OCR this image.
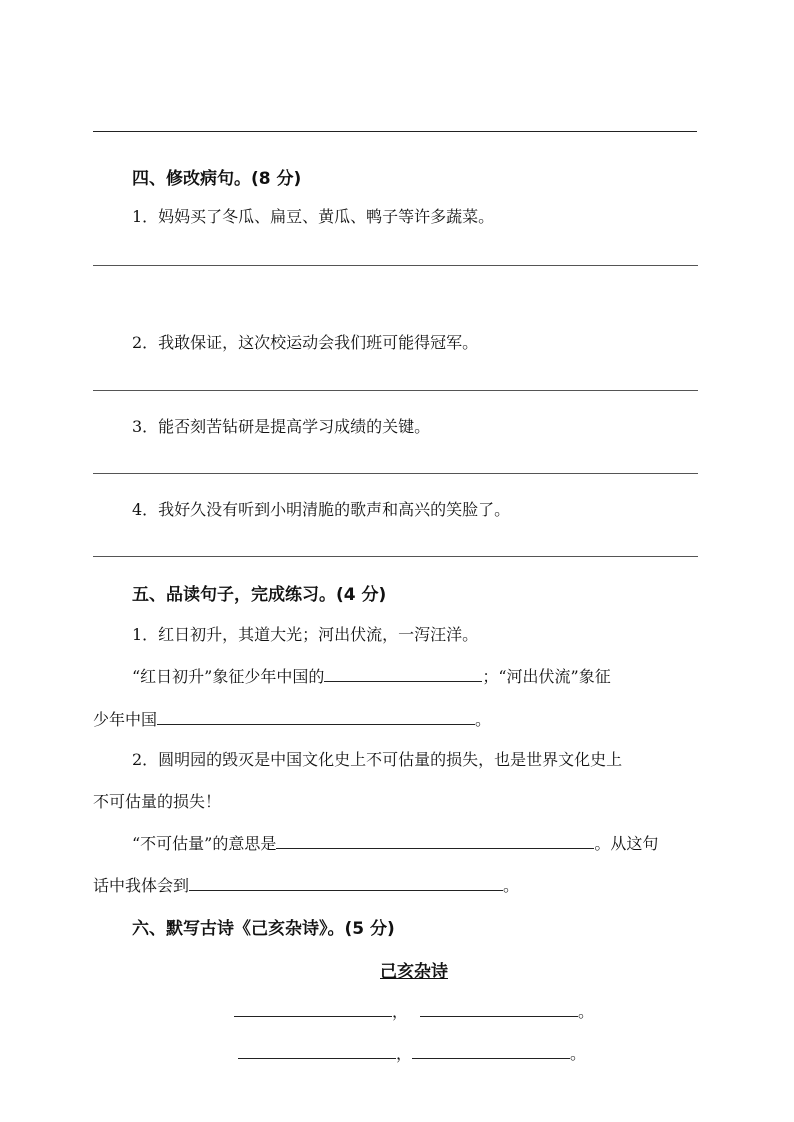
四、修改病句。(8 分)
1．妈妈买了冬瓜、扁豆、黄瓜、鸭子等许多蔬菜。
2．我敢保证，这次校运动会我们班可能得冠军。
3．能否刻苦钻研是提高学习成绩的关键。
4．我好久没有听到小明清脆的歌声和高兴的笑脸了。
五、品读句子，完成练习。(4 分)
1．红日初升，其道大光；河出伏流，一泻汪洋。
“红日初升”象征少年中国的	；“河出伏流”象征
少年中国	。
2．圆明园的毁灭是中国文化史上不可估量的损失，也是世界文化史上
不可估量的损失！
“不可估量”的意思是	。从这句
话中我体会到	。
六、默写古诗《己亥杂诗》。(5 分)
己亥杂诗
，	。
，	。
